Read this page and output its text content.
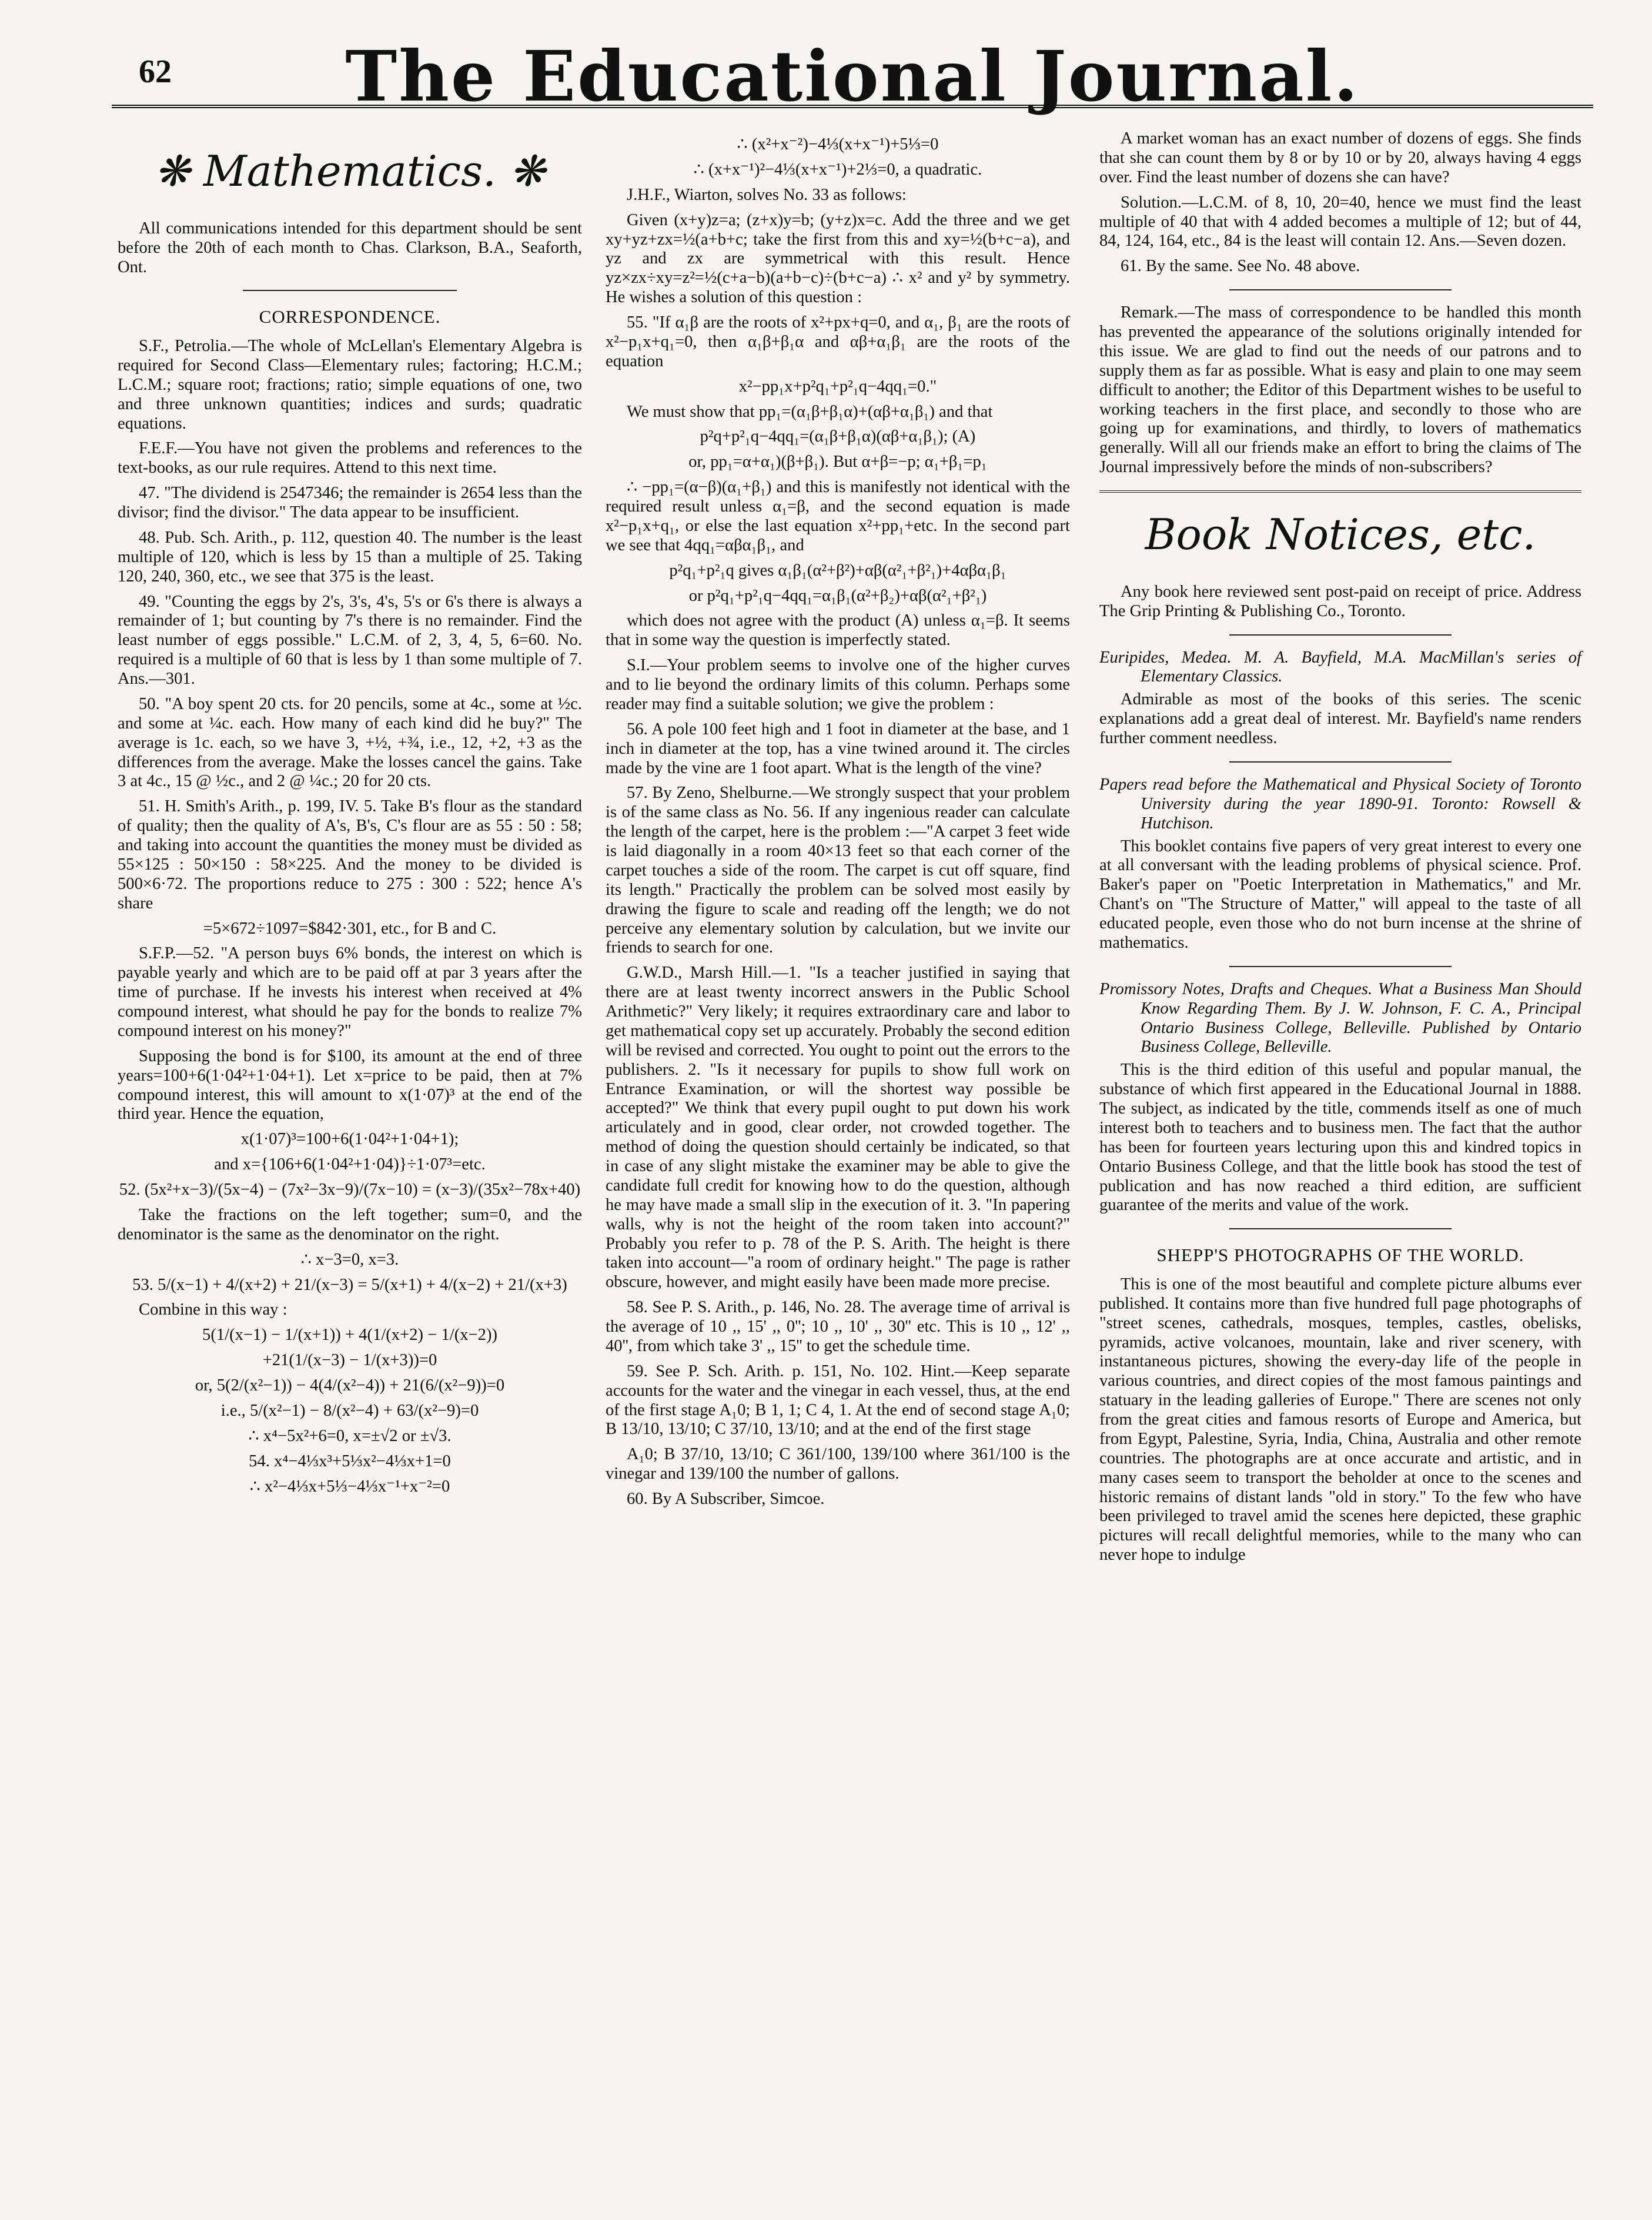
62	The Educational Journal.
❋ Mathematics. ❋

All communications intended for this department should be sent before the 20th of each month to Chas. Clarkson, B.A., Seaforth, Ont.

CORRESPONDENCE.

S.F., Petrolia.—The whole of McLellan's Elementary Algebra is required for Second Class—Elementary rules; factoring; H.C.M.; L.C.M.; square root; fractions; ratio; simple equations of one, two and three unknown quantities; indices and surds; quadratic equations.

F.E.F.—You have not given the problems and references to the text-books, as our rule requires. Attend to this next time.

47. "The dividend is 2547346; the remainder is 2654 less than the divisor; find the divisor." The data appear to be insufficient.

48. Pub. Sch. Arith., p. 112, question 40. The number is the least multiple of 120, which is less by 15 than a multiple of 25. Taking 120, 240, 360, etc., we see that 375 is the least.

49. "Counting the eggs by 2's, 3's, 4's, 5's or 6's there is always a remainder of 1; but counting by 7's there is no remainder. Find the least number of eggs possible." L.C.M. of 2, 3, 4, 5, 6=60. No. required is a multiple of 60 that is less by 1 than some multiple of 7. Ans.—301.

50. "A boy spent 20 cts. for 20 pencils, some at 4c., some at ½c. and some at ¼c. each. How many of each kind did he buy?" The average is 1c. each, so we have 3, +½, +¾, i.e., 12, +2, +3 as the differences from the average. Make the losses cancel the gains. Take 3 at 4c., 15 @ ½c., and 2 @ ¼c.; 20 for 20 cts.

51. H. Smith's Arith., p. 199, IV. 5. Take B's flour as the standard of quality; then the quality of A's, B's, C's flour are as 55 : 50 : 58; and taking into account the quantities the money must be divided as 55×125 : 50×150 : 58×225. And the money to be divided is 500×6·72. The proportions reduce to 275 : 300 : 522; hence A's share

=5×672÷1097=$842·301, etc., for B and C.

S.F.P.—52. "A person buys 6% bonds, the interest on which is payable yearly and which are to be paid off at par 3 years after the time of purchase. If he invests his interest when received at 4% compound interest, what should he pay for the bonds to realize 7% compound interest on his money?"

Supposing the bond is for $100, its amount at the end of three years=100+6(1·04²+1·04+1). Let x=price to be paid, then at 7% compound interest, this will amount to x(1·07)³ at the end of the third year. Hence the equation,

x(1·07)³=100+6(1·04²+1·04+1);
and x={106+6(1·04²+1·04)}÷1·07³=etc.
52. (5x²+x−3)/(5x−4) − (7x²−3x−9)/(7x−10) = (x−3)/(35x²−78x+40)

Take the fractions on the left together; sum=0, and the denominator is the same as the denominator on the right.

∴ x−3=0, x=3.
53. 5/(x−1) + 4/(x+2) + 21/(x−3) = 5/(x+1) + 4/(x−2) + 21/(x+3)

Combine in this way :

5(1/(x−1) − 1/(x+1)) + 4(1/(x+2) − 1/(x−2))
+21(1/(x−3) − 1/(x+3))=0
or, 5(2/(x²−1)) − 4(4/(x²−4)) + 21(6/(x²−9))=0
i.e., 5/(x²−1) − 8/(x²−4) + 63/(x²−9)=0
∴ x⁴−5x²+6=0, x=±√2 or ±√3.
54. x⁴−4⅓x³+5⅓x²−4⅓x+1=0
∴ x²−4⅓x+5⅓−4⅓x⁻¹+x⁻²=0
∴ (x²+x⁻²)−4⅓(x+x⁻¹)+5⅓=0
∴ (x+x⁻¹)²−4⅓(x+x⁻¹)+2⅓=0, a quadratic.

J.H.F., Wiarton, solves No. 33 as follows:

Given (x+y)z=a; (z+x)y=b; (y+z)x=c. Add the three and we get xy+yz+zx=½(a+b+c; take the first from this and xy=½(b+c−a), and yz and zx are symmetrical with this result. Hence yz×zx÷xy=z²=½(c+a−b)(a+b−c)÷(b+c−a) ∴ x² and y² by symmetry. He wishes a solution of this question :

55. "If α₁β are the roots of x²+px+q=0, and α₁, β₁ are the roots of x²−p₁x+q₁=0, then α₁β+β₁α and αβ+α₁β₁ are the roots of the equation

x²−pp₁x+p²q₁+p²₁q−4qq₁=0."

We must show that pp₁=(α₁β+β₁α)+(αβ+α₁β₁) and that

p²q+p²₁q−4qq₁=(α₁β+β₁α)(αβ+α₁β₁); (A)
or, pp₁=α+α₁)(β+β₁). But α+β=−p; α₁+β₁=p₁

∴ −pp₁=(α−β)(α₁+β₁) and this is manifestly not identical with the required result unless α₁=β, and the second equation is made x²−p₁x+q₁, or else the last equation x²+pp₁+etc. In the second part we see that 4qq₁=αβα₁β₁, and

p²q₁+p²₁q gives α₁β₁(α²+β²)+αβ(α²₁+β²₁)+4αβα₁β₁
or p²q₁+p²₁q−4qq₁=α₁β₁(α²+β₂)+αβ(α²₁+β²₁)

which does not agree with the product (A) unless α₁=β. It seems that in some way the question is imperfectly stated.

S.I.—Your problem seems to involve one of the higher curves and to lie beyond the ordinary limits of this column. Perhaps some reader may find a suitable solution; we give the problem :

56. A pole 100 feet high and 1 foot in diameter at the base, and 1 inch in diameter at the top, has a vine twined around it. The circles made by the vine are 1 foot apart. What is the length of the vine?

57. By Zeno, Shelburne.—We strongly suspect that your problem is of the same class as No. 56. If any ingenious reader can calculate the length of the carpet, here is the problem :—"A carpet 3 feet wide is laid diagonally in a room 40×13 feet so that each corner of the carpet touches a side of the room. The carpet is cut off square, find its length." Practically the problem can be solved most easily by drawing the figure to scale and reading off the length; we do not perceive any elementary solution by calculation, but we invite our friends to search for one.

G.W.D., Marsh Hill.—1. "Is a teacher justified in saying that there are at least twenty incorrect answers in the Public School Arithmetic?" Very likely; it requires extraordinary care and labor to get mathematical copy set up accurately. Probably the second edition will be revised and corrected. You ought to point out the errors to the publishers. 2. "Is it necessary for pupils to show full work on Entrance Examination, or will the shortest way possible be accepted?" We think that every pupil ought to put down his work articulately and in good, clear order, not crowded together. The method of doing the question should certainly be indicated, so that in case of any slight mistake the examiner may be able to give the candidate full credit for knowing how to do the question, although he may have made a small slip in the execution of it. 3. "In papering walls, why is not the height of the room taken into account?" Probably you refer to p. 78 of the P. S. Arith. The height is there taken into account—"a room of ordinary height." The page is rather obscure, however, and might easily have been made more precise.

58. See P. S. Arith., p. 146, No. 28. The average time of arrival is the average of 10 ,, 15' ,, 0''; 10 ,, 10' ,, 30'' etc. This is 10 ,, 12' ,, 40'', from which take 3' ,, 15'' to get the schedule time.

59. See P. Sch. Arith. p. 151, No. 102. Hint.—Keep separate accounts for the water and the vinegar in each vessel, thus, at the end of the first stage A₁0; B 1, 1; C 4, 1. At the end of second stage A₁0; B 13/10, 13/10; C 37/10, 13/10; and at the end of the first stage

A₁0; B 37/10, 13/10; C 361/100, 139/100 where 361/100 is the vinegar and 139/100 the number of gallons.

60. By A Subscriber, Simcoe.

A market woman has an exact number of dozens of eggs. She finds that she can count them by 8 or by 10 or by 20, always having 4 eggs over. Find the least number of dozens she can have?

Solution.—L.C.M. of 8, 10, 20=40, hence we must find the least multiple of 40 that with 4 added becomes a multiple of 12; but of 44, 84, 124, 164, etc., 84 is the least will contain 12. Ans.—Seven dozen.

61. By the same. See No. 48 above.

Remark.—The mass of correspondence to be handled this month has prevented the appearance of the solutions originally intended for this issue. We are glad to find out the needs of our patrons and to supply them as far as possible. What is easy and plain to one may seem difficult to another; the Editor of this Department wishes to be useful to working teachers in the first place, and secondly to those who are going up for examinations, and thirdly, to lovers of mathematics generally. Will all our friends make an effort to bring the claims of The Journal impressively before the minds of non-subscribers?

Book Notices, etc.

Any book here reviewed sent post-paid on receipt of price. Address The Grip Printing & Publishing Co., Toronto.

Euripides, Medea. M. A. Bayfield, M.A. MacMillan's series of Elementary Classics.

Admirable as most of the books of this series. The scenic explanations add a great deal of interest. Mr. Bayfield's name renders further comment needless.

Papers read before the Mathematical and Physical Society of Toronto University during the year 1890-91. Toronto: Rowsell & Hutchison.

This booklet contains five papers of very great interest to every one at all conversant with the leading problems of physical science. Prof. Baker's paper on "Poetic Interpretation in Mathematics," and Mr. Chant's on "The Structure of Matter," will appeal to the taste of all educated people, even those who do not burn incense at the shrine of mathematics.

Promissory Notes, Drafts and Cheques. What a Business Man Should Know Regarding Them. By J. W. Johnson, F. C. A., Principal Ontario Business College, Belleville. Published by Ontario Business College, Belleville.

This is the third edition of this useful and popular manual, the substance of which first appeared in the Educational Journal in 1888. The subject, as indicated by the title, commends itself as one of much interest both to teachers and to business men. The fact that the author has been for fourteen years lecturing upon this and kindred topics in Ontario Business College, and that the little book has stood the test of publication and has now reached a third edition, are sufficient guarantee of the merits and value of the work.

SHEPP'S PHOTOGRAPHS OF THE WORLD.

This is one of the most beautiful and complete picture albums ever published. It contains more than five hundred full page photographs of "street scenes, cathedrals, mosques, temples, castles, obelisks, pyramids, active volcanoes, mountain, lake and river scenery, with instantaneous pictures, showing the every-day life of the people in various countries, and direct copies of the most famous paintings and statuary in the leading galleries of Europe." There are scenes not only from the great cities and famous resorts of Europe and America, but from Egypt, Palestine, Syria, India, China, Australia and other remote countries. The photographs are at once accurate and artistic, and in many cases seem to transport the beholder at once to the scenes and historic remains of distant lands "old in story." To the few who have been privileged to travel amid the scenes here depicted, these graphic pictures will recall delightful memories, while to the many who can never hope to indulge
